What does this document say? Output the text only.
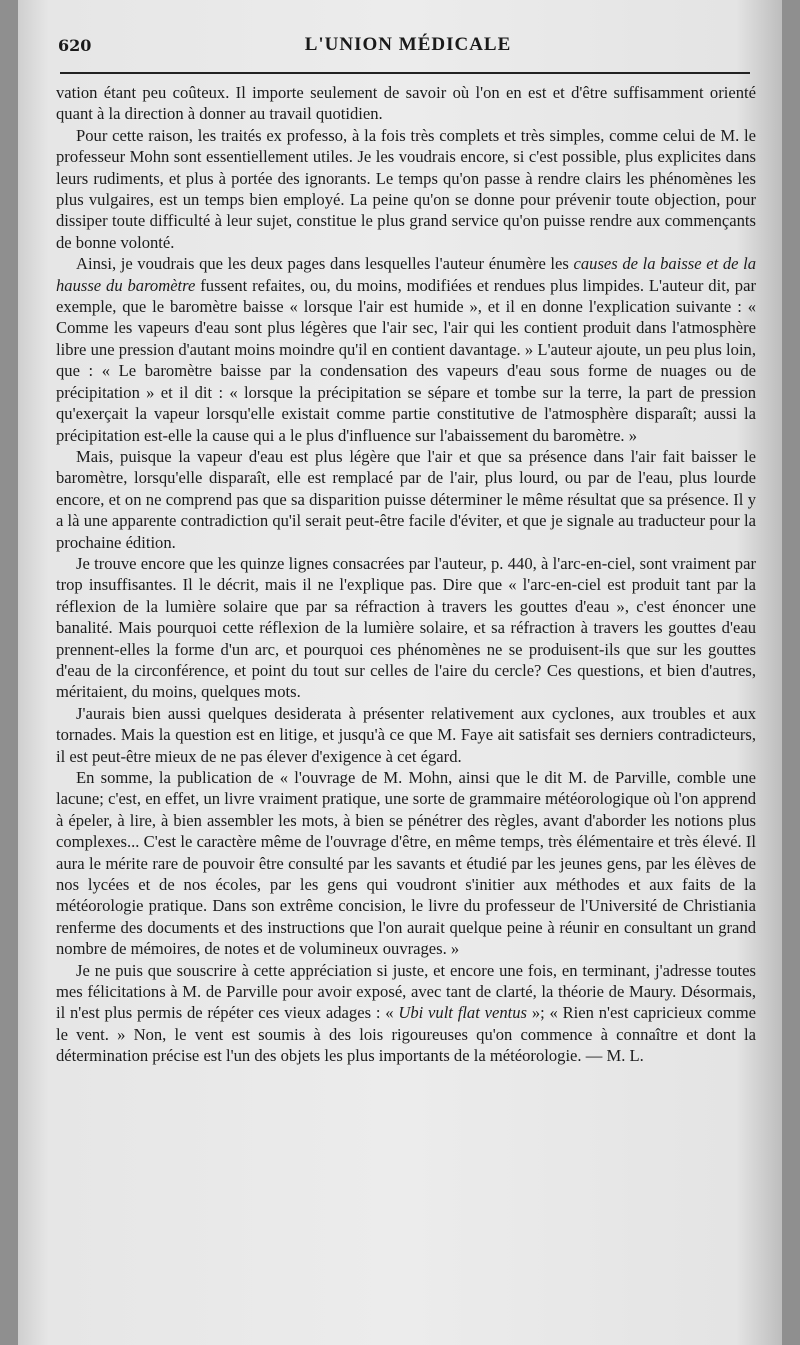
620	L'UNION MÉDICALE

vation étant peu coûteux. Il importe seulement de savoir où l'on en est et d'être suffisamment orienté quant à la direction à donner au travail quotidien.

Pour cette raison, les traités ex professo, à la fois très complets et très simples, comme celui de M. le professeur Mohn sont essentiellement utiles. Je les voudrais encore, si c'est possible, plus explicites dans leurs rudiments, et plus à portée des ignorants. Le temps qu'on passe à rendre clairs les phénomènes les plus vulgaires, est un temps bien employé. La peine qu'on se donne pour prévenir toute objection, pour dissiper toute difficulté à leur sujet, constitue le plus grand service qu'on puisse rendre aux commençants de bonne volonté.

Ainsi, je voudrais que les deux pages dans lesquelles l'auteur énumère les causes de la baisse et de la hausse du baromètre fussent refaites, ou, du moins, modifiées et rendues plus limpides. L'auteur dit, par exemple, que le baromètre baisse « lorsque l'air est humide », et il en donne l'explication suivante : « Comme les vapeurs d'eau sont plus légères que l'air sec, l'air qui les contient produit dans l'atmosphère libre une pression d'autant moins moindre qu'il en contient davantage. » L'auteur ajoute, un peu plus loin, que : « Le baromètre baisse par la condensation des vapeurs d'eau sous forme de nuages ou de précipitation » et il dit : « lorsque la précipitation se sépare et tombe sur la terre, la part de pression qu'exerçait la vapeur lorsqu'elle existait comme partie constitutive de l'atmosphère disparaît; aussi la précipitation est-elle la cause qui a le plus d'influence sur l'abaissement du baromètre. »

Mais, puisque la vapeur d'eau est plus légère que l'air et que sa présence dans l'air fait baisser le baromètre, lorsqu'elle disparaît, elle est remplacé par de l'air, plus lourd, ou par de l'eau, plus lourde encore, et on ne comprend pas que sa disparition puisse déterminer le même résultat que sa présence. Il y a là une apparente contradiction qu'il serait peut-être facile d'éviter, et que je signale au traducteur pour la prochaine édition.

Je trouve encore que les quinze lignes consacrées par l'auteur, p. 440, à l'arc-en-ciel, sont vraiment par trop insuffisantes. Il le décrit, mais il ne l'explique pas. Dire que « l'arc-en-ciel est produit tant par la réflexion de la lumière solaire que par sa réfraction à travers les gouttes d'eau », c'est énoncer une banalité. Mais pourquoi cette réflexion de la lumière solaire, et sa réfraction à travers les gouttes d'eau prennent-elles la forme d'un arc, et pourquoi ces phénomènes ne se produisent-ils que sur les gouttes d'eau de la circonférence, et point du tout sur celles de l'aire du cercle? Ces questions, et bien d'autres, méritaient, du moins, quelques mots.

J'aurais bien aussi quelques desiderata à présenter relativement aux cyclones, aux troubles et aux tornades. Mais la question est en litige, et jusqu'à ce que M. Faye ait satisfait ses derniers contradicteurs, il est peut-être mieux de ne pas élever d'exigence à cet égard.

En somme, la publication de « l'ouvrage de M. Mohn, ainsi que le dit M. de Parville, comble une lacune; c'est, en effet, un livre vraiment pratique, une sorte de grammaire météorologique où l'on apprend à épeler, à lire, à bien assembler les mots, à bien se pénétrer des règles, avant d'aborder les notions plus complexes... C'est le caractère même de l'ouvrage d'être, en même temps, très élémentaire et très élevé. Il aura le mérite rare de pouvoir être consulté par les savants et étudié par les jeunes gens, par les élèves de nos lycées et de nos écoles, par les gens qui voudront s'initier aux méthodes et aux faits de la météorologie pratique. Dans son extrême concision, le livre du professeur de l'Université de Christiania renferme des documents et des instructions que l'on aurait quelque peine à réunir en consultant un grand nombre de mémoires, de notes et de volumineux ouvrages. »

Je ne puis que souscrire à cette appréciation si juste, et encore une fois, en terminant, j'adresse toutes mes félicitations à M. de Parville pour avoir exposé, avec tant de clarté, la théorie de Maury. Désormais, il n'est plus permis de répéter ces vieux adages : « Ubi vult flat ventus »; « Rien n'est capricieux comme le vent. » Non, le vent est soumis à des lois rigoureuses qu'on commence à connaître et dont la détermination précise est l'un des objets les plus importants de la météorologie. — M. L.
